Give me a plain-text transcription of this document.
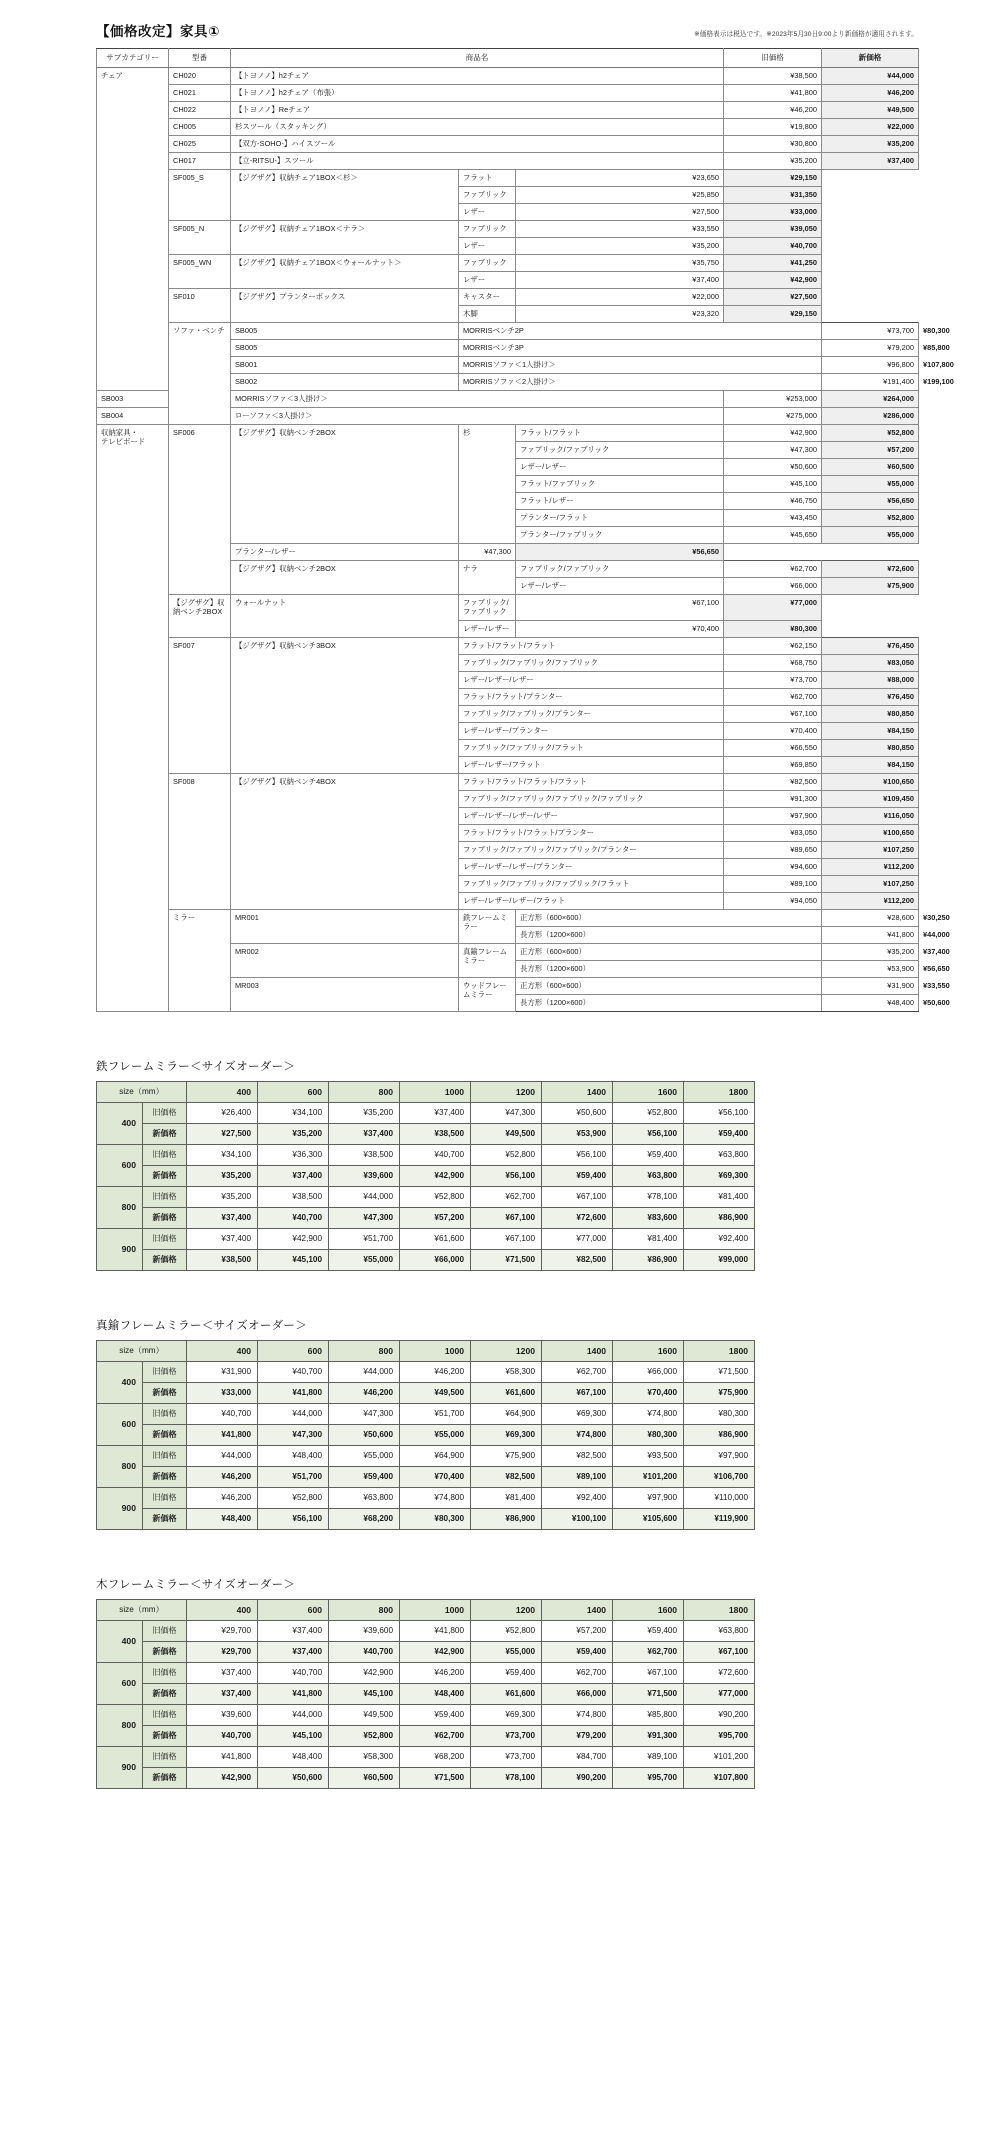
【価格改定】家具①	※価格表示は税込です。※2023年5月30日9:00より新価格が適用されます。
サブカテゴリー	型番	商品名			旧価格	新価格	
チェア	CH020	【トヨノノ】h2チェア			¥38,500	¥44,000	
	CH021	【トヨノノ】h2チェア（布張）			¥41,800	¥46,200	
	CH022	【トヨノノ】Reチェア			¥46,200	¥49,500	
	CH005	杉スツール（スタッキング）			¥19,800	¥22,000	
	CH025	【双方-SOHO-】ハイスツール			¥30,800	¥35,200	
	CH017	【立-RITSU-】スツール			¥35,200	¥37,400	
	SF005_S	【ジグザグ】収納チェア1BOX＜杉＞	フラット	¥23,650	¥29,150		
			ファブリック	¥25,850	¥31,350		
			レザー	¥27,500	¥33,000		
	SF005_N	【ジグザグ】収納チェア1BOX＜ナラ＞	ファブリック	¥33,550	¥39,050		
			レザー	¥35,200	¥40,700		
	SF005_WN	【ジグザグ】収納チェア1BOX＜ウォールナット＞	ファブリック	¥35,750	¥41,250		
			レザー	¥37,400	¥42,900		
	SF010	【ジグザグ】プランターボックス	キャスター	¥22,000	¥27,500		
			木脚	¥23,320	¥29,150		
	ソファ・ベンチ	SB005	MORRISベンチ2P			¥73,700	¥80,300
		SB005	MORRISベンチ3P			¥79,200	¥85,800
		SB001	MORRISソファ＜1人掛け＞			¥96,800	¥107,800
		SB002	MORRISソファ＜2人掛け＞			¥191,400	¥199,100
SB003		MORRISソファ＜3人掛け＞			¥253,000	¥264,000	
SB004		ローソファ＜3人掛け＞			¥275,000	¥286,000	
収納家具・
テレビボード	SF006	【ジグザグ】収納ベンチ2BOX	杉	フラット/フラット	¥42,900	¥52,800	
				ファブリック/ファブリック	¥47,300	¥57,200	
				レザー/レザー	¥50,600	¥60,500	
				フラット/ファブリック	¥45,100	¥55,000	
				フラット/レザー	¥46,750	¥56,650	
				プランター/フラット	¥43,450	¥52,800	
				プランター/ファブリック	¥45,650	¥55,000	
		プランター/レザー	¥47,300	¥56,650			
		【ジグザグ】収納ベンチ2BOX	ナラ	ファブリック/ファブリック	¥62,700	¥72,600	
				レザー/レザー	¥66,000	¥75,900	
	【ジグザグ】収納ベンチ2BOX	ウォールナット	ファブリック/ファブリック	¥67,100	¥77,000		
			レザー/レザー	¥70,400	¥80,300		
	SF007	【ジグザグ】収納ベンチ3BOX	フラット/フラット/フラット		¥62,150	¥76,450	
			ファブリック/ファブリック/ファブリック		¥68,750	¥83,050	
			レザー/レザー/レザー		¥73,700	¥88,000	
			フラット/フラット/プランター		¥62,700	¥76,450	
			ファブリック/ファブリック/プランター		¥67,100	¥80,850	
			レザー/レザー/プランター		¥70,400	¥84,150	
			ファブリック/ファブリック/フラット		¥66,550	¥80,850	
			レザー/レザー/フラット		¥69,850	¥84,150	
	SF008	【ジグザグ】収納ベンチ4BOX	フラット/フラット/フラット/フラット		¥82,500	¥100,650	
			ファブリック/ファブリック/ファブリック/ファブリック		¥91,300	¥109,450	
			レザー/レザー/レザー/レザー		¥97,900	¥116,050	
			フラット/フラット/フラット/プランター		¥83,050	¥100,650	
			ファブリック/ファブリック/ファブリック/プランター		¥89,650	¥107,250	
			レザー/レザー/レザー/プランター		¥94,600	¥112,200	
			ファブリック/ファブリック/ファブリック/フラット		¥89,100	¥107,250	
			レザー/レザー/レザー/フラット		¥94,050	¥112,200	
	ミラー	MR001	鉄フレームミラー	正方形（600×600）		¥28,600	¥30,250
				長方形（1200×600）		¥41,800	¥44,000
		MR002	真鍮フレームミラー	正方形（600×600）		¥35,200	¥37,400
				長方形（1200×600）		¥53,900	¥56,650
		MR003	ウッドフレームミラー	正方形（600×600）		¥31,900	¥33,550
				長方形（1200×600）		¥48,400	¥50,600
鉄フレームミラー＜サイズオーダー＞
size（mm）		400	600	800	1000	1200	1400	1600	1800
400	旧価格	¥26,400	¥34,100	¥35,200	¥37,400	¥47,300	¥50,600	¥52,800	¥56,100
	新価格	¥27,500	¥35,200	¥37,400	¥38,500	¥49,500	¥53,900	¥56,100	¥59,400
600	旧価格	¥34,100	¥36,300	¥38,500	¥40,700	¥52,800	¥56,100	¥59,400	¥63,800
	新価格	¥35,200	¥37,400	¥39,600	¥42,900	¥56,100	¥59,400	¥63,800	¥69,300
800	旧価格	¥35,200	¥38,500	¥44,000	¥52,800	¥62,700	¥67,100	¥78,100	¥81,400
	新価格	¥37,400	¥40,700	¥47,300	¥57,200	¥67,100	¥72,600	¥83,600	¥86,900
900	旧価格	¥37,400	¥42,900	¥51,700	¥61,600	¥67,100	¥77,000	¥81,400	¥92,400
	新価格	¥38,500	¥45,100	¥55,000	¥66,000	¥71,500	¥82,500	¥86,900	¥99,000
真鍮フレームミラー＜サイズオーダー＞
size（mm）		400	600	800	1000	1200	1400	1600	1800
400	旧価格	¥31,900	¥40,700	¥44,000	¥46,200	¥58,300	¥62,700	¥66,000	¥71,500
	新価格	¥33,000	¥41,800	¥46,200	¥49,500	¥61,600	¥67,100	¥70,400	¥75,900
600	旧価格	¥40,700	¥44,000	¥47,300	¥51,700	¥64,900	¥69,300	¥74,800	¥80,300
	新価格	¥41,800	¥47,300	¥50,600	¥55,000	¥69,300	¥74,800	¥80,300	¥86,900
800	旧価格	¥44,000	¥48,400	¥55,000	¥64,900	¥75,900	¥82,500	¥93,500	¥97,900
	新価格	¥46,200	¥51,700	¥59,400	¥70,400	¥82,500	¥89,100	¥101,200	¥106,700
900	旧価格	¥46,200	¥52,800	¥63,800	¥74,800	¥81,400	¥92,400	¥97,900	¥110,000
	新価格	¥48,400	¥56,100	¥68,200	¥80,300	¥86,900	¥100,100	¥105,600	¥119,900
木フレームミラー＜サイズオーダー＞
size（mm）		400	600	800	1000	1200	1400	1600	1800
400	旧価格	¥29,700	¥37,400	¥39,600	¥41,800	¥52,800	¥57,200	¥59,400	¥63,800
	新価格	¥29,700	¥37,400	¥40,700	¥42,900	¥55,000	¥59,400	¥62,700	¥67,100
600	旧価格	¥37,400	¥40,700	¥42,900	¥46,200	¥59,400	¥62,700	¥67,100	¥72,600
	新価格	¥37,400	¥41,800	¥45,100	¥48,400	¥61,600	¥66,000	¥71,500	¥77,000
800	旧価格	¥39,600	¥44,000	¥49,500	¥59,400	¥69,300	¥74,800	¥85,800	¥90,200
	新価格	¥40,700	¥45,100	¥52,800	¥62,700	¥73,700	¥79,200	¥91,300	¥95,700
900	旧価格	¥41,800	¥48,400	¥58,300	¥68,200	¥73,700	¥84,700	¥89,100	¥101,200
	新価格	¥42,900	¥50,600	¥60,500	¥71,500	¥78,100	¥90,200	¥95,700	¥107,800
